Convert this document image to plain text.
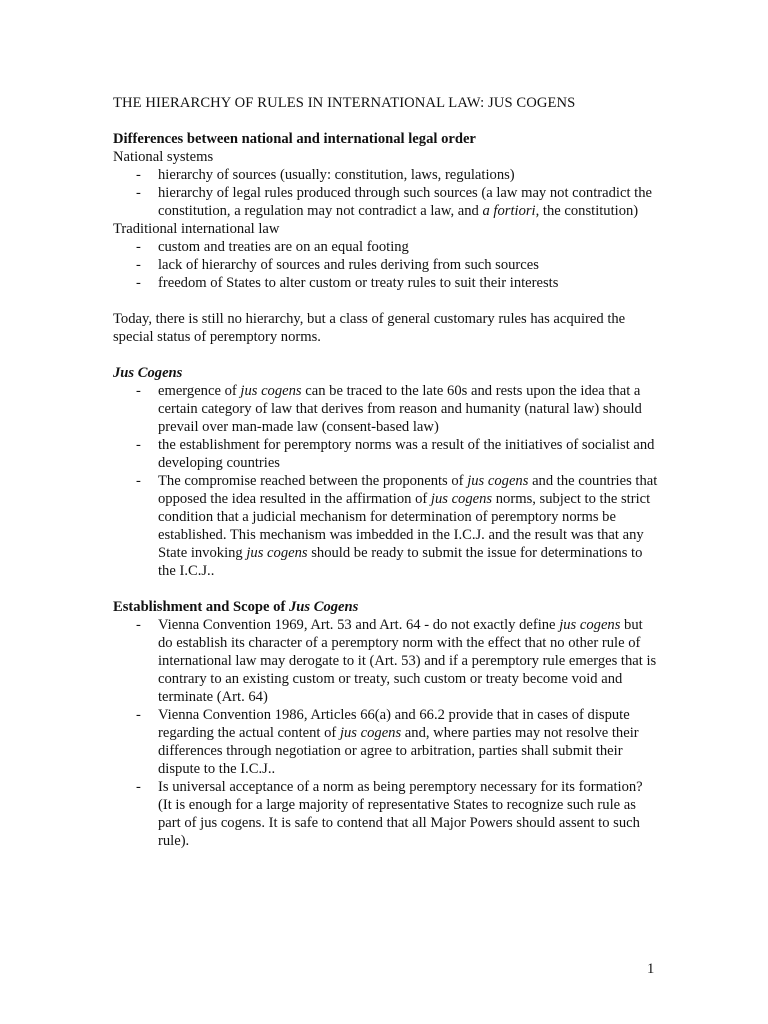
THE HIERARCHY OF RULES IN INTERNATIONAL LAW: JUS COGENS
Differences between national and international legal order

National systems

- hierarchy of sources (usually: constitution, laws, regulations)
- hierarchy of legal rules produced through such sources (a law may not contradict the constitution, a regulation may not contradict a law, and a fortiori, the constitution)

Traditional international law

- custom and treaties are on an equal footing
- lack of hierarchy of sources and rules deriving from such sources
- freedom of States to alter custom or treaty rules to suit their interests

Today, there is still no hierarchy, but a class of general customary rules has acquired the special status of peremptory norms.

Jus Cogens
- emergence of jus cogens can be traced to the late 60s and rests upon the idea that a certain category of law that derives from reason and humanity (natural law) should prevail over man-made law (consent-based law)
- the establishment for peremptory norms was a result of the initiatives of socialist and developing countries
- The compromise reached between the proponents of jus cogens and the countries that opposed the idea resulted in the affirmation of jus cogens norms, subject to the strict condition that a judicial mechanism for determination of peremptory norms be established. This mechanism was imbedded in the I.C.J. and the result was that any State invoking jus cogens should be ready to submit the issue for determinations to the I.C.J..
Establishment and Scope of Jus Cogens
- Vienna Convention 1969, Art. 53 and Art. 64 - do not exactly define jus cogens but do establish its character of a peremptory norm with the effect that no other rule of international law may derogate to it (Art. 53) and if a peremptory rule emerges that is contrary to an existing custom or treaty, such custom or treaty become void and terminate (Art. 64)
- Vienna Convention 1986, Articles 66(a) and 66.2 provide that in cases of dispute regarding the actual content of jus cogens and, where parties may not resolve their differences through negotiation or agree to arbitration, parties shall submit their dispute to the I.C.J..
- Is universal acceptance of a norm as being peremptory necessary for its formation? (It is enough for a large majority of representative States to recognize such rule as part of jus cogens. It is safe to contend that all Major Powers should assent to such rule).
1
